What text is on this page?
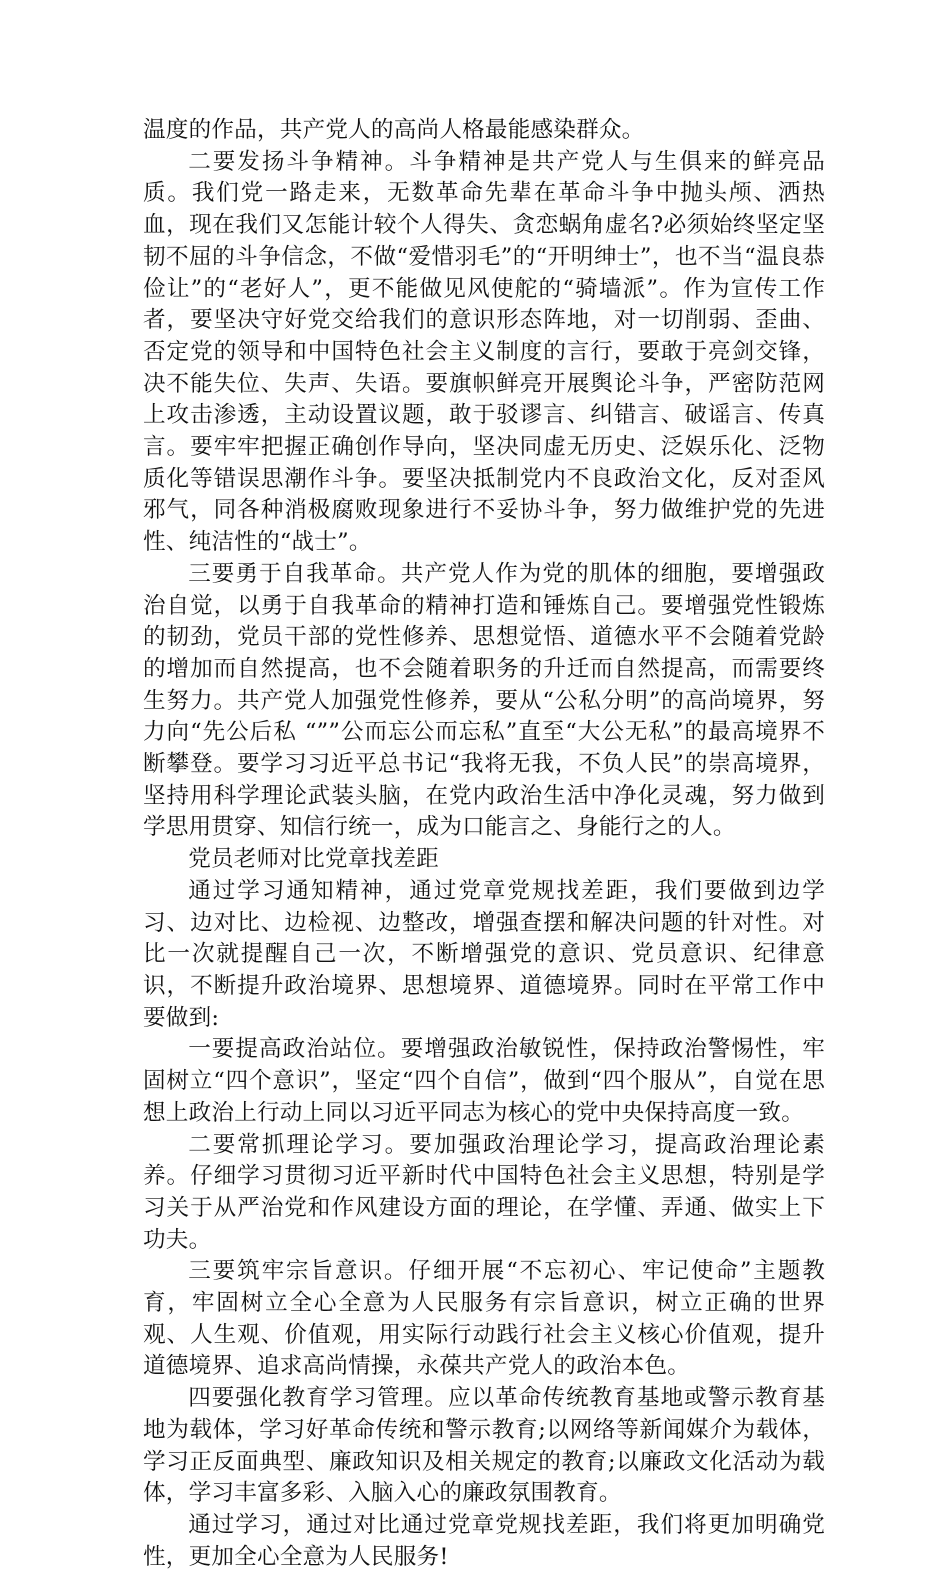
温度的作品，共产党人的高尚人格最能感染群众。

二要发扬斗争精神。斗争精神是共产党人与生俱来的鲜亮品质。我们党一路走来，无数革命先辈在革命斗争中抛头颅、洒热血，现在我们又怎能计较个人得失、贪恋蜗角虚名?必须始终坚定坚韧不屈的斗争信念，不做“爱惜羽毛”的“开明绅士”，也不当“温良恭俭让”的“老好人”，更不能做见风使舵的“骑墙派”。作为宣传工作者，要坚决守好党交给我们的意识形态阵地，对一切削弱、歪曲、否定党的领导和中国特色社会主义制度的言行，要敢于亮剑交锋，决不能失位、失声、失语。要旗帜鲜亮开展舆论斗争，严密防范网上攻击渗透，主动设置议题，敢于驳谬言、纠错言、破谣言、传真言。要牢牢把握正确创作导向，坚决同虚无历史、泛娱乐化、泛物质化等错误思潮作斗争。要坚决抵制党内不良政治文化，反对歪风邪气，同各种消极腐败现象进行不妥协斗争，努力做维护党的先进性、纯洁性的“战士”。

三要勇于自我革命。共产党人作为党的肌体的细胞，要增强政治自觉，以勇于自我革命的精神打造和锤炼自己。要增强党性锻炼的韧劲，党员干部的党性修养、思想觉悟、道德水平不会随着党龄的增加而自然提高，也不会随着职务的升迁而自然提高，而需要终生努力。共产党人加强党性修养，要从“公私分明”的高尚境界，努力向“先公后私 “””公而忘公而忘私”直至“大公无私”的最高境界不断攀登。要学习习近平总书记“我将无我，不负人民”的崇高境界，坚持用科学理论武装头脑，在党内政治生活中净化灵魂，努力做到学思用贯穿、知信行统一，成为口能言之、身能行之的人。

党员老师对比党章找差距

通过学习通知精神，通过党章党规找差距，我们要做到边学习、边对比、边检视、边整改，增强查摆和解决问题的针对性。对比一次就提醒自己一次，不断增强党的意识、党员意识、纪律意识，不断提升政治境界、思想境界、道德境界。同时在平常工作中要做到:

一要提高政治站位。要增强政治敏锐性，保持政治警惕性，牢固树立“四个意识”，坚定“四个自信”，做到“四个服从”，自觉在思想上政治上行动上同以习近平同志为核心的党中央保持高度一致。

二要常抓理论学习。要加强政治理论学习，提高政治理论素养。仔细学习贯彻习近平新时代中国特色社会主义思想，特别是学习关于从严治党和作风建设方面的理论，在学懂、弄通、做实上下功夫。

三要筑牢宗旨意识。仔细开展“不忘初心、牢记使命”主题教育，牢固树立全心全意为人民服务有宗旨意识，树立正确的世界观、人生观、价值观，用实际行动践行社会主义核心价值观，提升道德境界、追求高尚情操，永葆共产党人的政治本色。

四要强化教育学习管理。应以革命传统教育基地或警示教育基地为载体，学习好革命传统和警示教育;以网络等新闻媒介为载体，学习正反面典型、廉政知识及相关规定的教育;以廉政文化活动为载体，学习丰富多彩、入脑入心的廉政氛围教育。

通过学习，通过对比通过党章党规找差距，我们将更加明确党性，更加全心全意为人民服务!
